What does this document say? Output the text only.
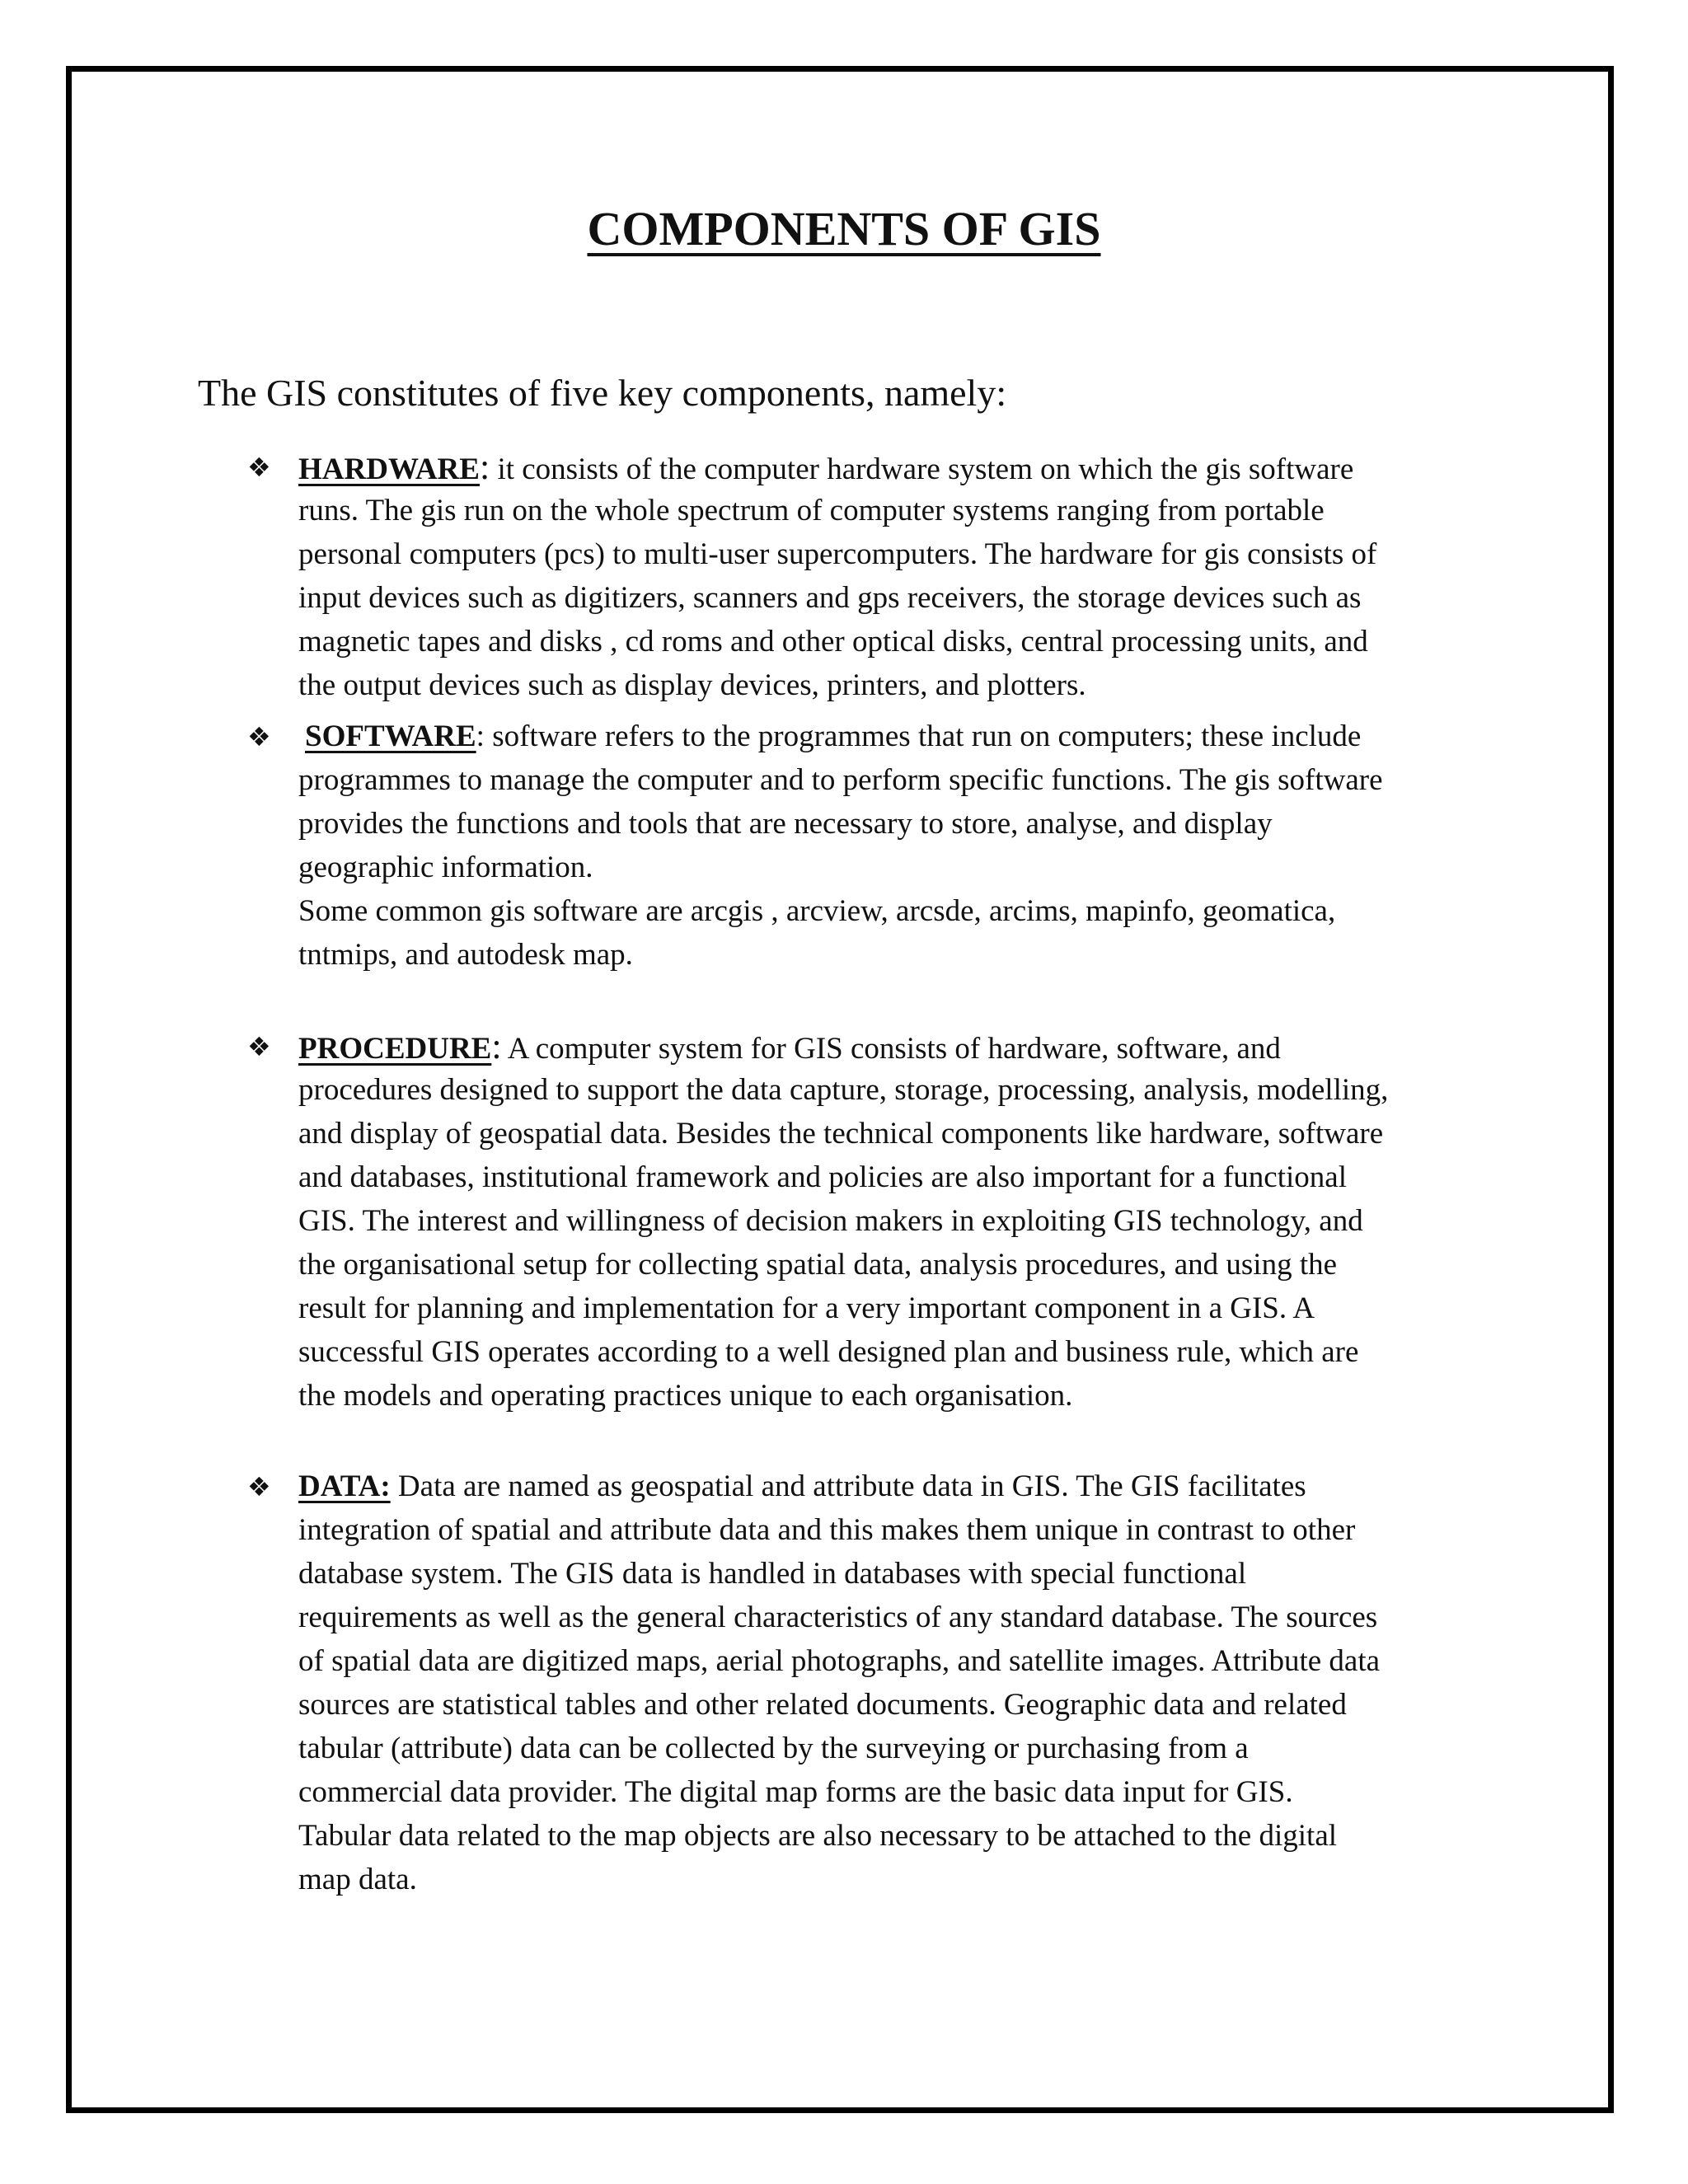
COMPONENTS OF GIS
The GIS constitutes of five key components, namely:
❖ HARDWARE: it consists of the computer hardware system on which the gis software
runs. The gis run on the whole spectrum of computer systems ranging from portable
personal computers (pcs) to multi-user supercomputers. The hardware for gis consists of
input devices such as digitizers, scanners and gps receivers, the storage devices such as
magnetic tapes and disks , cd roms and other optical disks, central processing units, and
the output devices such as display devices, printers, and plotters.
❖	SOFTWARE: software refers to the programmes that run on computers; these include
programmes to manage the computer and to perform specific functions. The gis software
provides the functions and tools that are necessary to store, analyse, and display
geographic information.
Some common gis software are arcgis , arcview, arcsde, arcims, mapinfo, geomatica,
tntmips, and autodesk map.
❖ PROCEDURE: A computer system for GIS consists of hardware, software, and
procedures designed to support the data capture, storage, processing, analysis, modelling,
and display of geospatial data. Besides the technical components like hardware, software
and databases, institutional framework and policies are also important for a functional
GIS. The interest and willingness of decision makers in exploiting GIS technology, and
the organisational setup for collecting spatial data, analysis procedures, and using the
result for planning and implementation for a very important component in a GIS. A
successful GIS operates according to a well designed plan and business rule, which are
the models and operating practices unique to each organisation.
❖ DATA: Data are named as geospatial and attribute data in GIS. The GIS facilitates
integration of spatial and attribute data and this makes them unique in contrast to other
database system. The GIS data is handled in databases with special functional
requirements as well as the general characteristics of any standard database. The sources
of spatial data are digitized maps, aerial photographs, and satellite images. Attribute data
sources are statistical tables and other related documents. Geographic data and related
tabular (attribute) data can be collected by the surveying or purchasing from a
commercial data provider. The digital map forms are the basic data input for GIS.
Tabular data related to the map objects are also necessary to be attached to the digital
map data.
